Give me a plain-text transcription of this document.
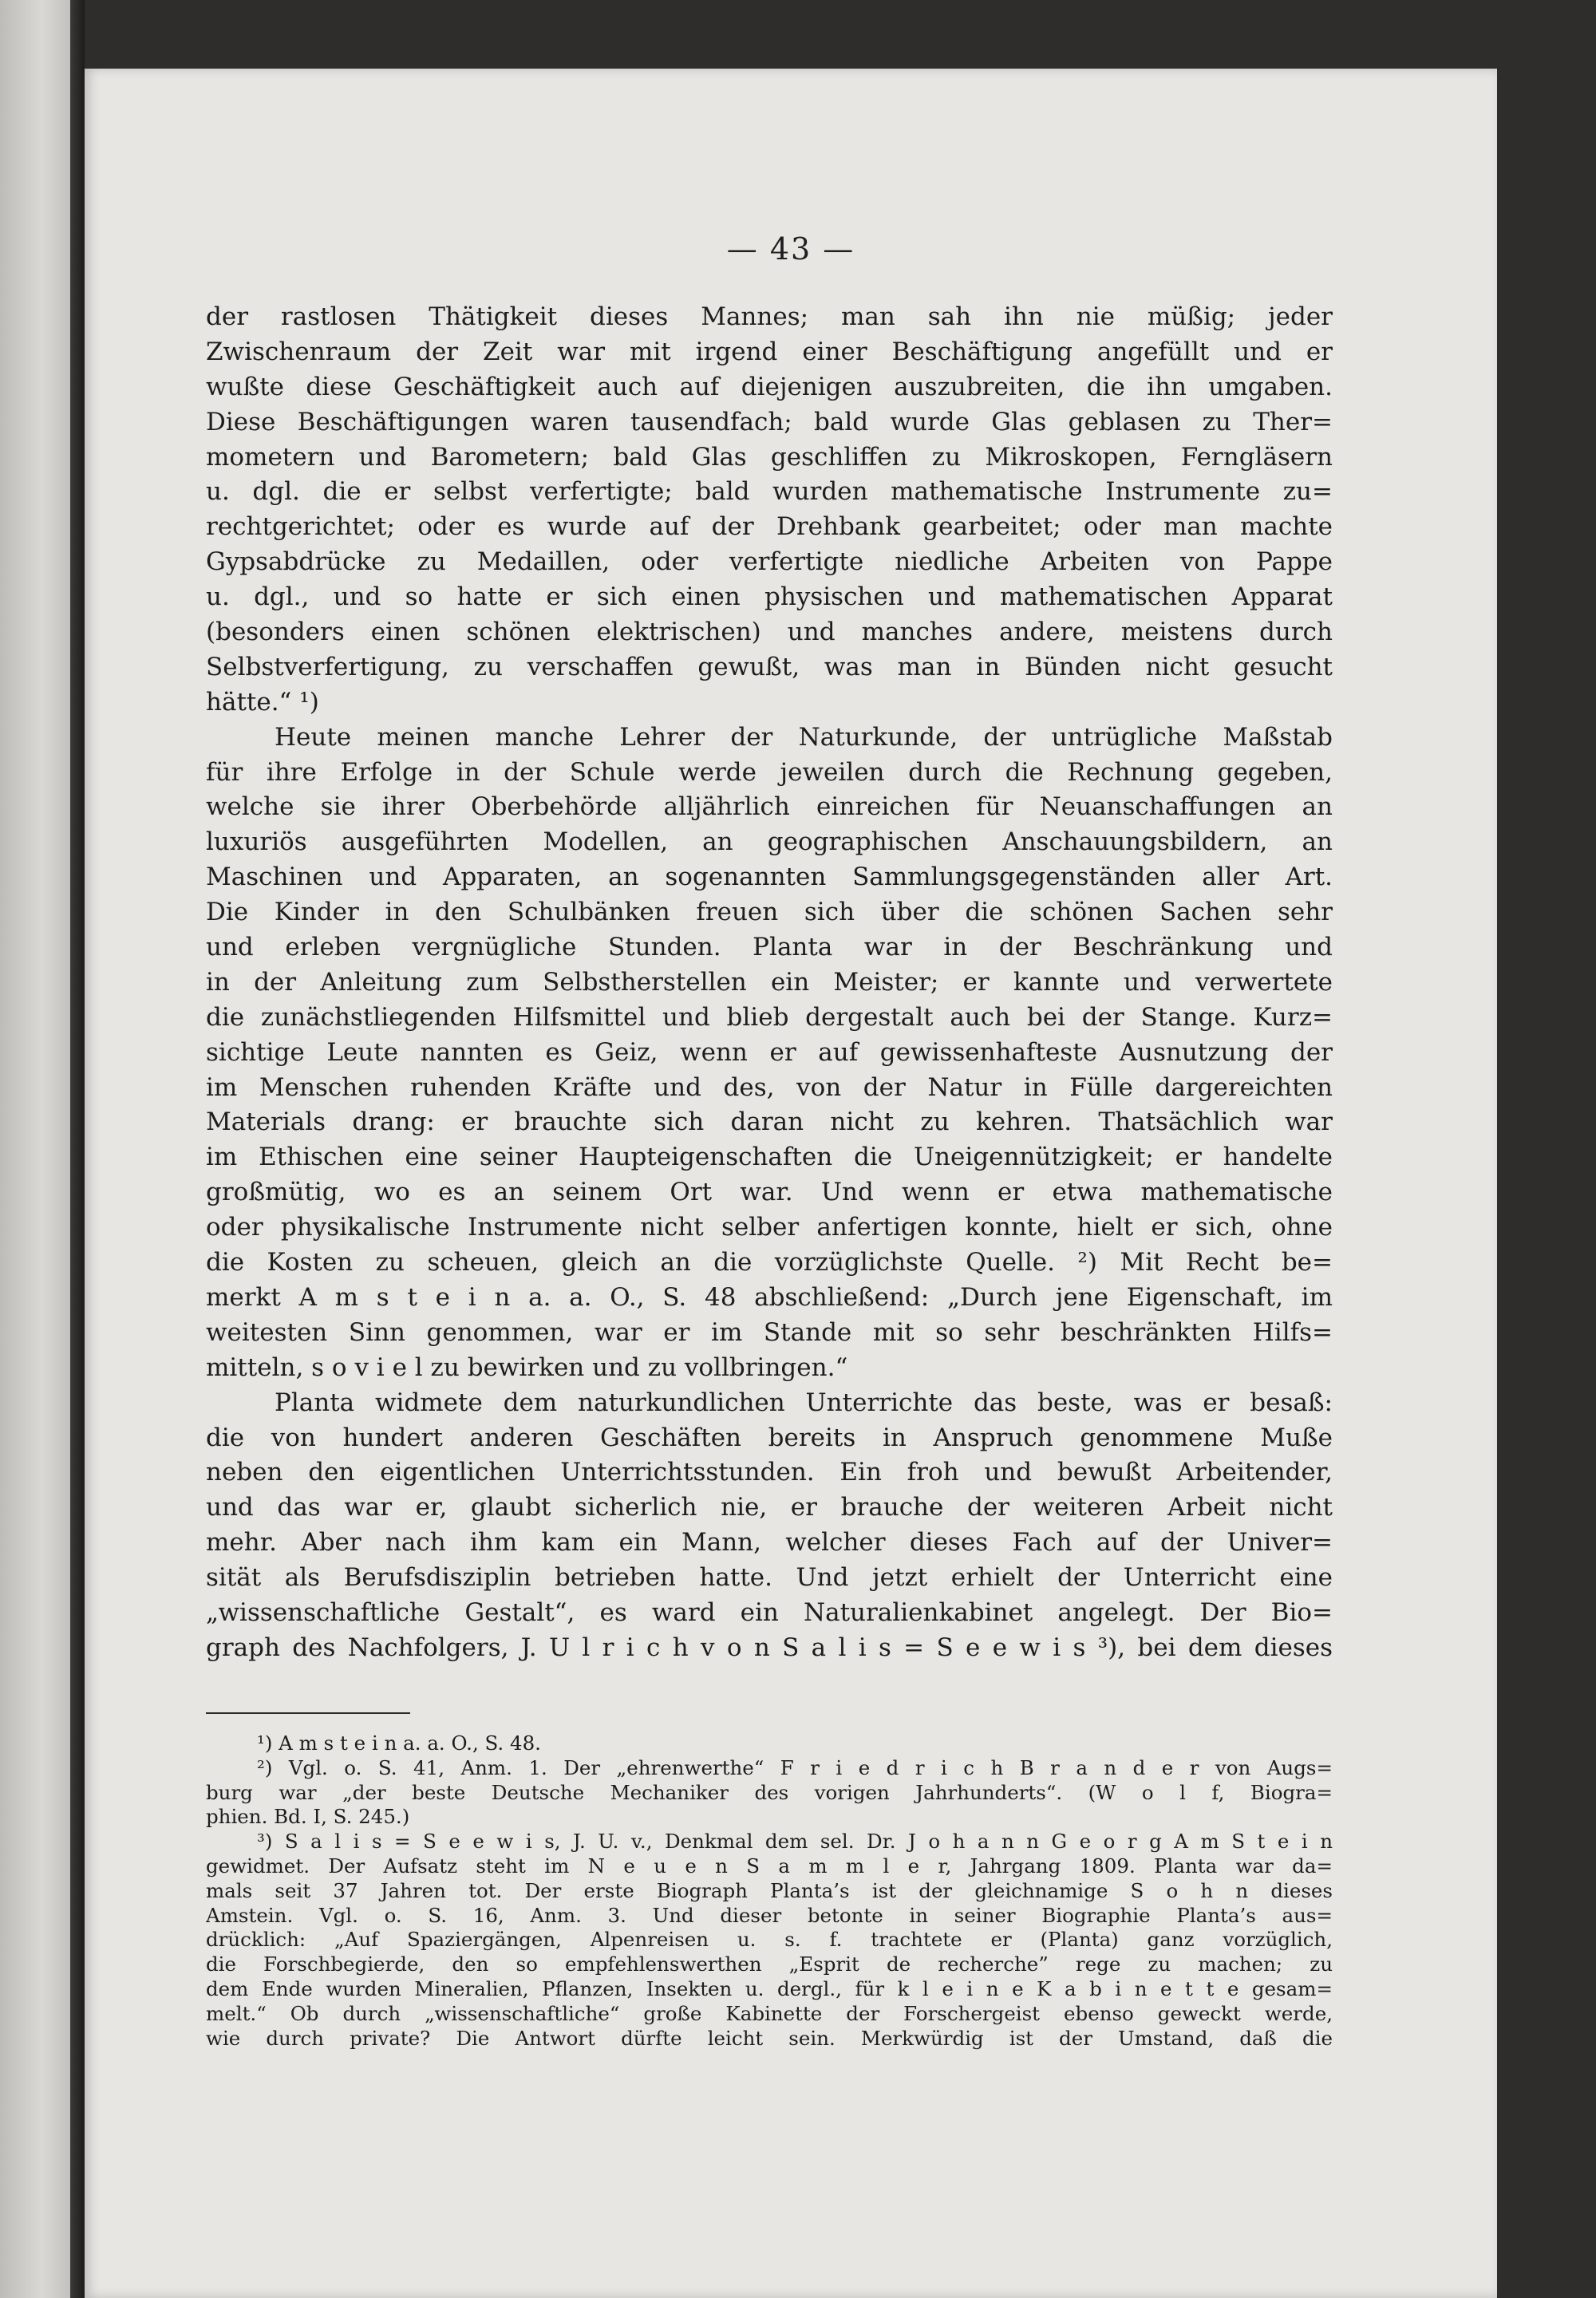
— 43 —
der rastlosen Thätigkeit dieses Mannes; man sah ihn nie müßig; jeder
Zwischenraum der Zeit war mit irgend einer Beschäftigung angefüllt und er
wußte diese Geschäftigkeit auch auf diejenigen auszubreiten, die ihn umgaben.
Diese Beschäftigungen waren tausendfach; bald wurde Glas geblasen zu Ther=
mometern und Barometern; bald Glas geschliffen zu Mikroskopen, Ferngläsern
u. dgl. die er selbst verfertigte; bald wurden mathematische Instrumente zu=
rechtgerichtet; oder es wurde auf der Drehbank gearbeitet; oder man machte
Gypsabdrücke zu Medaillen, oder verfertigte niedliche Arbeiten von Pappe
u. dgl., und so hatte er sich einen physischen und mathematischen Apparat
(besonders einen schönen elektrischen) und manches andere, meistens durch
Selbstverfertigung, zu verschaffen gewußt, was man in Bünden nicht gesucht
hätte.“ ¹)
Heute meinen manche Lehrer der Naturkunde, der untrügliche Maßstab
für ihre Erfolge in der Schule werde jeweilen durch die Rechnung gegeben,
welche sie ihrer Oberbehörde alljährlich einreichen für Neuanschaffungen an
luxuriös ausgeführten Modellen, an geographischen Anschauungsbildern, an
Maschinen und Apparaten, an sogenannten Sammlungsgegenständen aller Art.
Die Kinder in den Schulbänken freuen sich über die schönen Sachen sehr
und erleben vergnügliche Stunden. Planta war in der Beschränkung und
in der Anleitung zum Selbstherstellen ein Meister; er kannte und verwertete
die zunächstliegenden Hilfsmittel und blieb dergestalt auch bei der Stange. Kurz=
sichtige Leute nannten es Geiz, wenn er auf gewissenhafteste Ausnutzung der
im Menschen ruhenden Kräfte und des, von der Natur in Fülle dargereichten
Materials drang: er brauchte sich daran nicht zu kehren. Thatsächlich war
im Ethischen eine seiner Haupteigenschaften die Uneigennützigkeit; er handelte
großmütig, wo es an seinem Ort war. Und wenn er etwa mathematische
oder physikalische Instrumente nicht selber anfertigen konnte, hielt er sich, ohne
die Kosten zu scheuen, gleich an die vorzüglichste Quelle. ²) Mit Recht be=
merkt A m s t e i n a. a. O., S. 48 abschließend: „Durch jene Eigenschaft, im
weitesten Sinn genommen, war er im Stande mit so sehr beschränkten Hilfs=
mitteln, s o v i e l zu bewirken und zu vollbringen.“
Planta widmete dem naturkundlichen Unterrichte das beste, was er besaß:
die von hundert anderen Geschäften bereits in Anspruch genommene Muße
neben den eigentlichen Unterrichtsstunden. Ein froh und bewußt Arbeitender,
und das war er, glaubt sicherlich nie, er brauche der weiteren Arbeit nicht
mehr. Aber nach ihm kam ein Mann, welcher dieses Fach auf der Univer=
sität als Berufsdisziplin betrieben hatte. Und jetzt erhielt der Unterricht eine
„wissenschaftliche Gestalt“, es ward ein Naturalienkabinet angelegt. Der Bio=
graph des Nachfolgers, J. U l r i c h v o n S a l i s = S e e w i s ³), bei dem dieses
¹) A m s t e i n a. a. O., S. 48.
²) Vgl. o. S. 41, Anm. 1. Der „ehrenwerthe“ F r i e d r i c h B r a n d e r von Augs=
burg war „der beste Deutsche Mechaniker des vorigen Jahrhunderts“. (W o l f, Biogra=
phien. Bd. I, S. 245.)
³) S a l i s = S e e w i s, J. U. v., Denkmal dem sel. Dr. J o h a n n G e o r g A m S t e i n
gewidmet. Der Aufsatz steht im N e u e n S a m m l e r, Jahrgang 1809. Planta war da=
mals seit 37 Jahren tot. Der erste Biograph Planta’s ist der gleichnamige S o h n dieses
Amstein. Vgl. o. S. 16, Anm. 3. Und dieser betonte in seiner Biographie Planta’s aus=
drücklich: „Auf Spaziergängen, Alpenreisen u. s. f. trachtete er (Planta) ganz vorzüglich,
die Forschbegierde, den so empfehlenswerthen „Esprit de recherche” rege zu machen; zu
dem Ende wurden Mineralien, Pflanzen, Insekten u. dergl., für k l e i n e K a b i n e t t e gesam=
melt.“ Ob durch „wissenschaftliche“ große Kabinette der Forschergeist ebenso geweckt werde,
wie durch private? Die Antwort dürfte leicht sein. Merkwürdig ist der Umstand, daß die
